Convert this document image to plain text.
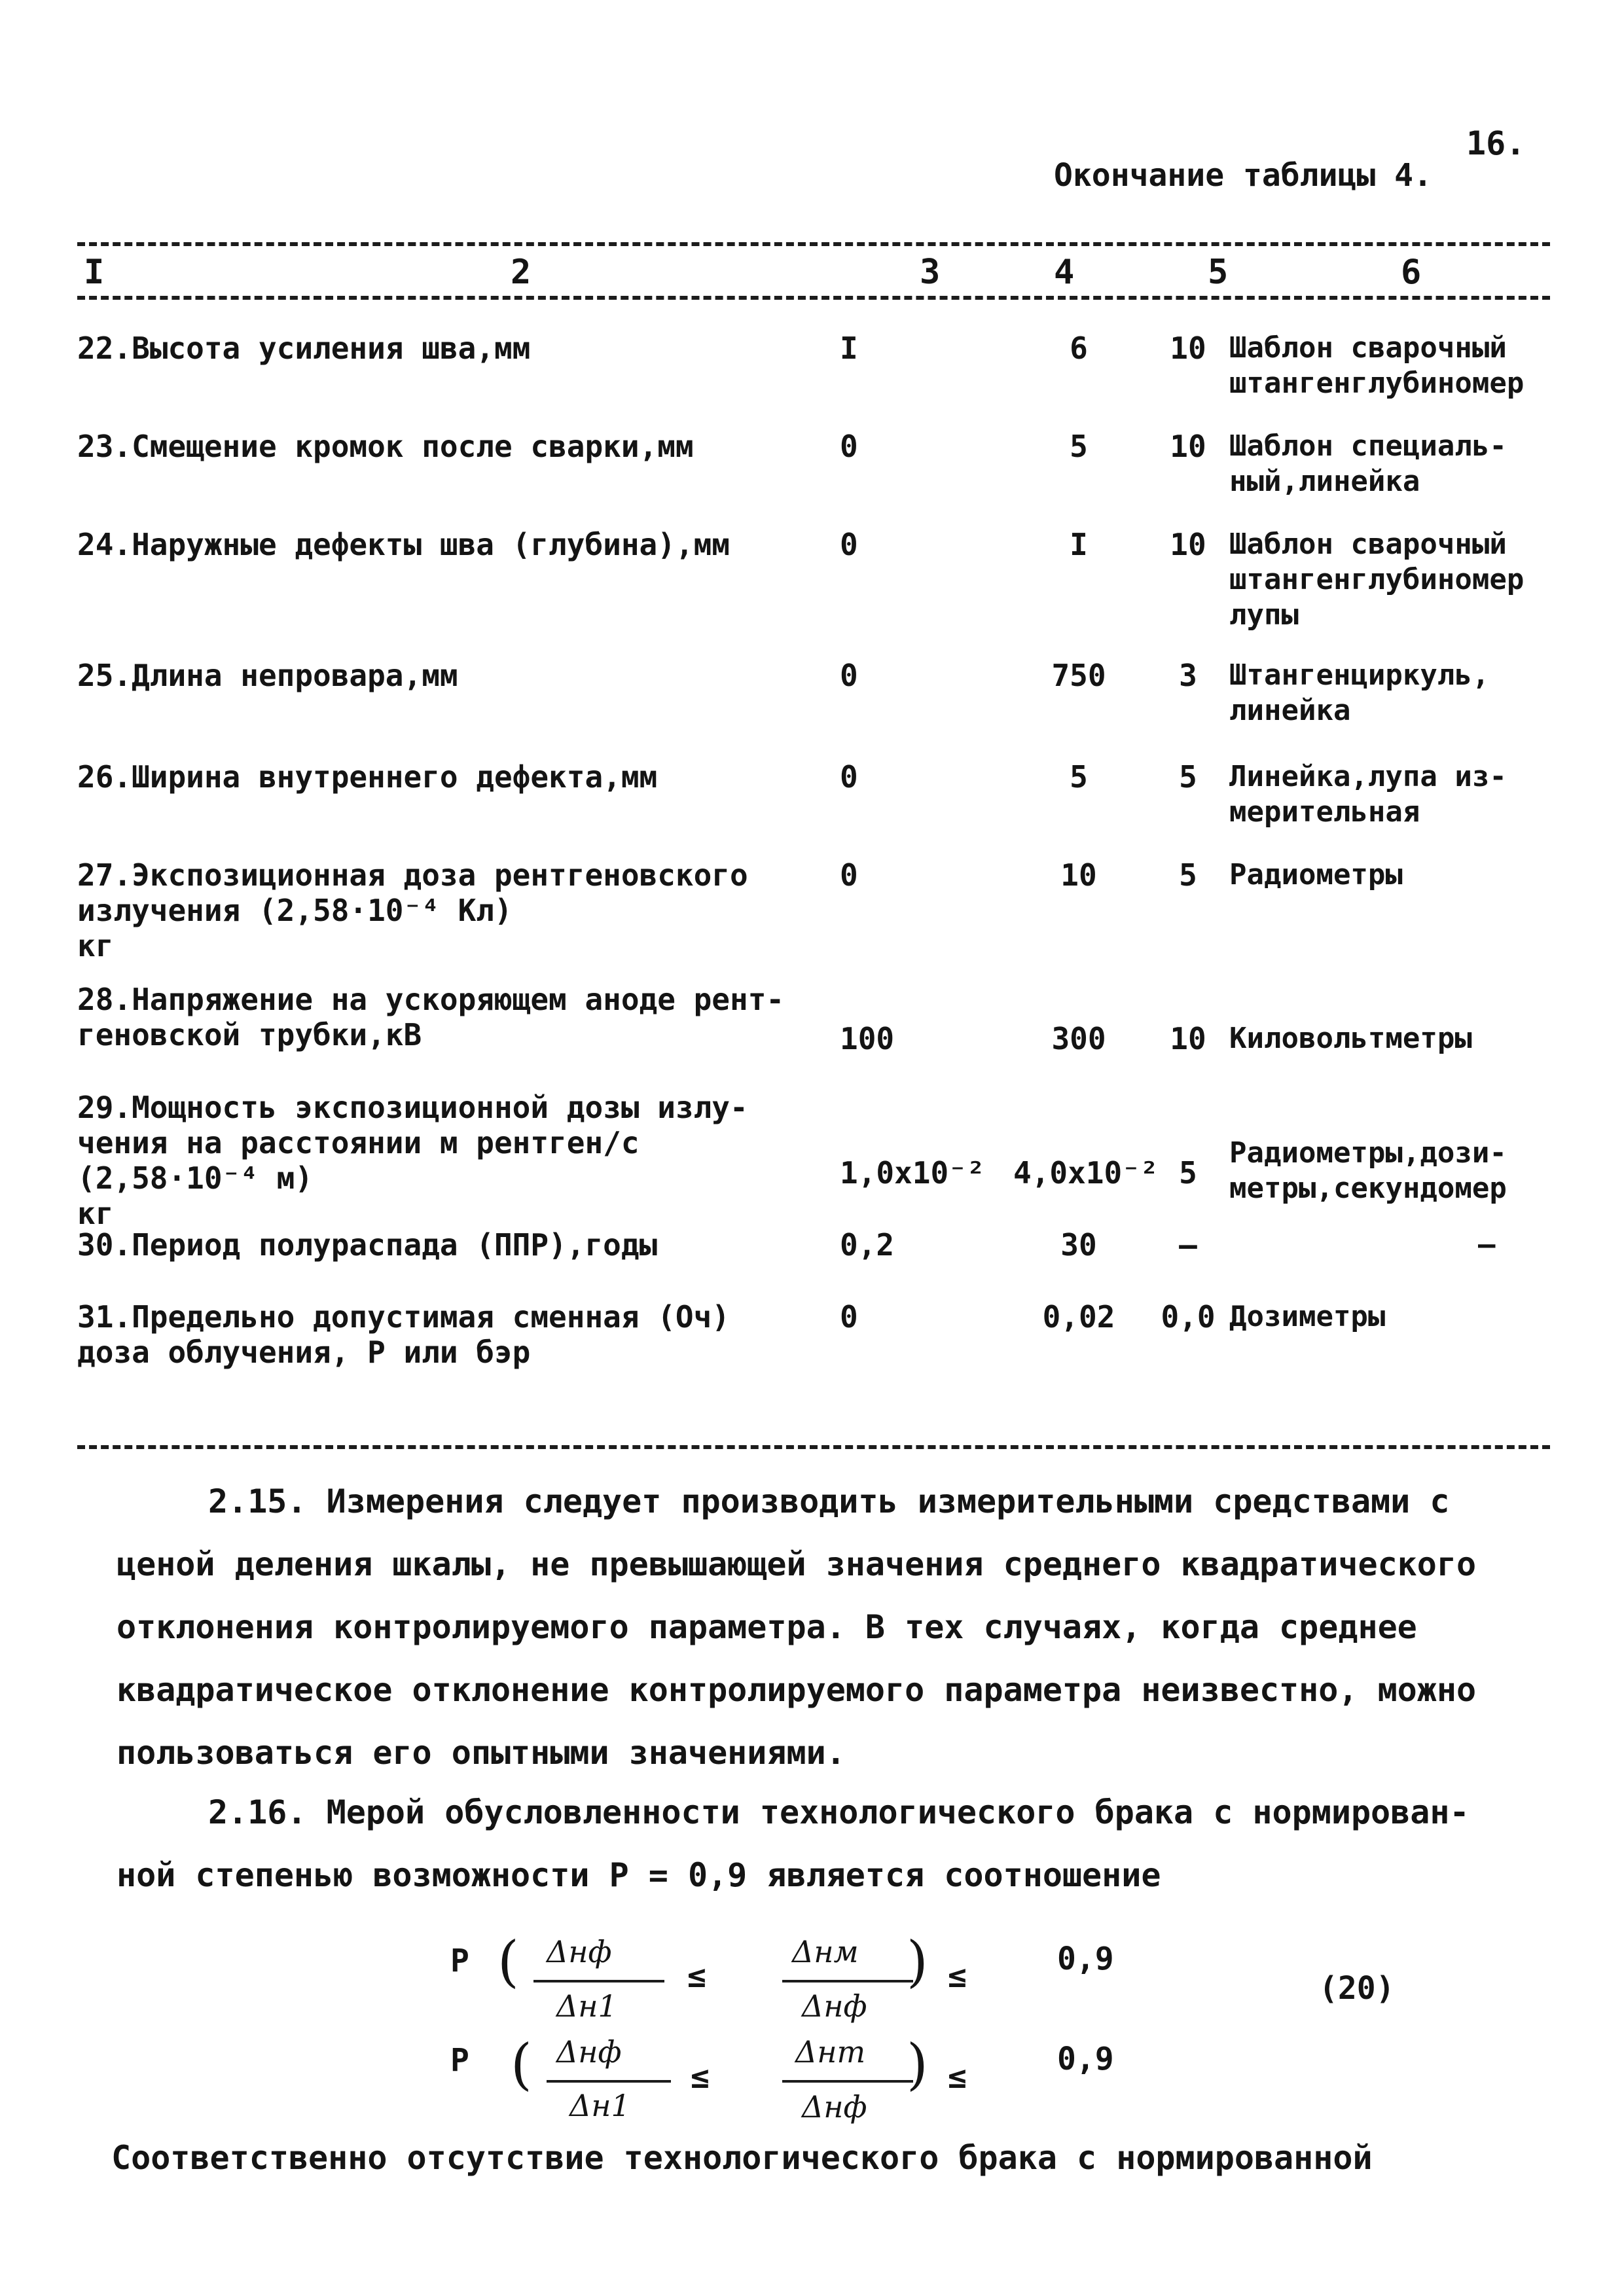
16.
Окончание таблицы 4.
I	2	3	4	5	6
22.Высота усиления шва,мм	I	6	10 Шаблон сварочный
штангенглубиномер
23.Смещение кромок после сварки,мм	0	5	10 Шаблон специаль-
ный,линейка
24.Наружные дефекты шва (глубина),мм	0	I	10 Шаблон сварочный
штангенглубиномер
лупы
25.Длина непровара,мм	0	750	3	Штангенциркуль,
линейка
26.Ширина внутреннего дефекта,мм	0	5	5	Линейка,лупа из-
мерительная
27.Экспозиционная доза рентгеновского
излучения (2,58·10⁻⁴ Кл)
кг
0	10	5	Радиометры
28.Напряжение на ускоряющем аноде рент-
геновской трубки,кВ	100	300	10 Киловольтметры
29.Мощность экспозиционной дозы излу-
чения на расстоянии м рентген/с
(2,58·10⁻⁴ м)
кг
1,0x10⁻² 4,0x10⁻² 5
Радиометры,дози-
метры,секундомер
30.Период полураспада (ППР),годы	0,2	30	–	–
31.Предельно допустимая сменная (Оч)
доза облучения, Р или бэр
0	0,02	0,0 Дозиметры
2.15. Измерения следует производить измерительными средствами с
ценой деления шкалы, не превышающей значения среднего квадратического
отклонения контролируемого параметра. В тех случаях, когда среднее
квадратическое отклонение контролируемого параметра неизвестно, можно
пользоваться его опытными значениями.
2.16. Мерой обусловленности технологического брака с нормирован-
ной степенью возможности Р = 0,9 является соотношение
Р ( Δнф
Δн1
≤
Δнм
Δнф
) ≤	0,9
(20)
Р ( Δнф
Δн1
≤
Δнт
Δнф
) ≤	0,9
Соответственно отсутствие технологического брака с нормированной
